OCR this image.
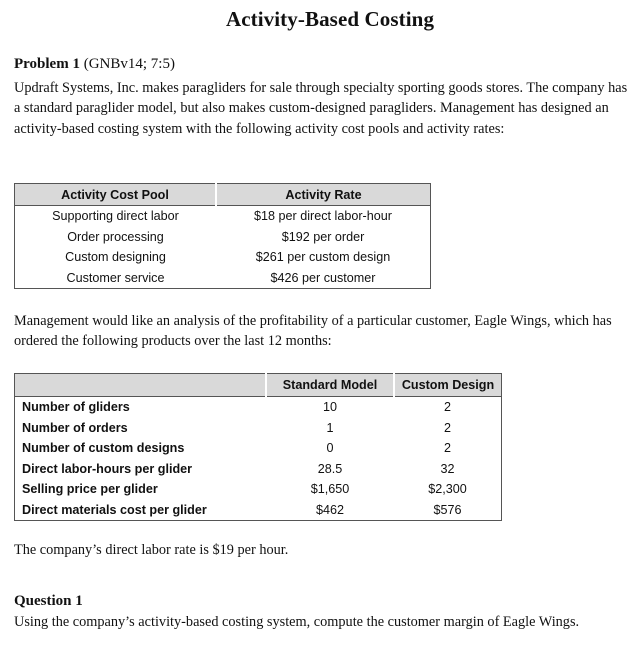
Activity-Based Costing
Problem 1 (GNBv14; 7:5)
Updraft Systems, Inc. makes paragliders for sale through specialty sporting goods stores. The company has a standard paraglider model, but also makes custom-designed paragliders. Management has designed an activity-based costing system with the following activity cost pools and activity rates:
Activity Cost Pool	Activity Rate
Supporting direct labor	$18 per direct labor-hour
Order processing	$192 per order
Custom designing	$261 per custom design
Customer service	$426 per customer
Management would like an analysis of the profitability of a particular customer, Eagle Wings, which has ordered the following products over the last 12 months:
	Standard Model	Custom Design
Number of gliders	10	2
Number of orders	1	2
Number of custom designs	0	2
Direct labor-hours per glider	28.5	32
Selling price per glider	$1,650	$2,300
Direct materials cost per glider	$462	$576
The company’s direct labor rate is $19 per hour.
Question 1
Using the company’s activity-based costing system, compute the customer margin of Eagle Wings.
